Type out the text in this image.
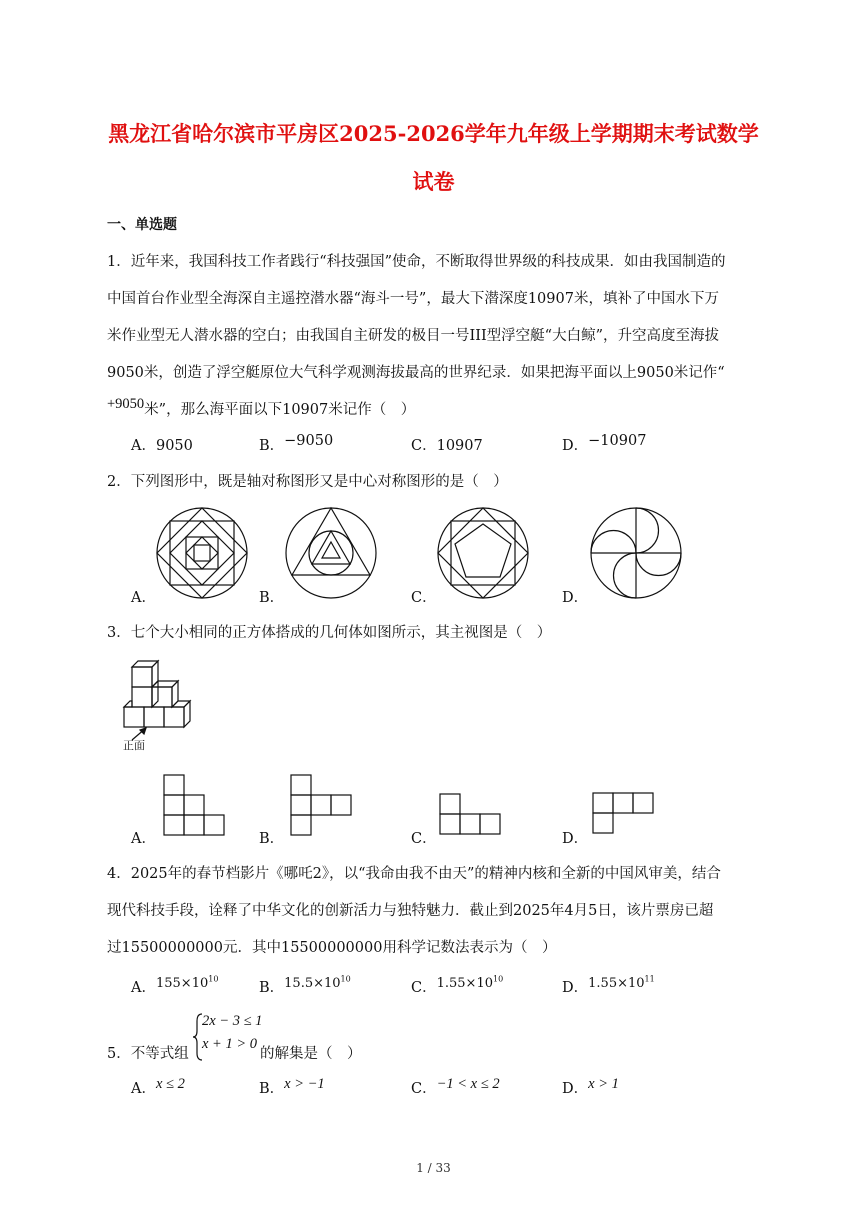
黑龙江省哈尔滨市平房区2025-2026学年九年级上学期期末考试数学
试卷
一、单选题
1．近年来，我国科技工作者践行“科技强国”使命，不断取得世界级的科技成果．如由我国制造的
中国首台作业型全海深自主遥控潜水器“海斗一号”，最大下潜深度10907米，填补了中国水下万
米作业型无人潜水器的空白；由我国自主研发的极目一号III型浮空艇“大白鲸”，升空高度至海拔
9050米，创造了浮空艇原位大气科学观测海拔最高的世界纪录．如果把海平面以上9050米记作“
+9050米”，那么海平面以下10907米记作（　）
A．9050	B．−9050	C．10907	D．−10907
2．下列图形中，既是轴对称图形又是中心对称图形的是（　）
A．	B．	C．	D．
3．七个大小相同的正方体搭成的几何体如图所示，其主视图是（　）
正面
A．	B．	C．	D．
4．2025年的春节档影片《哪吒2》，以“我命由我不由天”的精神内核和全新的中国风审美，结合
现代科技手段，诠释了中华文化的创新活力与独特魅力．截止到2025年4月5日，该片票房已超
过15500000000元．其中15500000000用科学记数法表示为（　）
A．$155\times 10^{10}$
B．$15.5\times 10^{10}$
C．$1.55\times 10^{10}$
D．$1.55\times 10^{11}$
5．不等式组
2x − 3 ≤ 1
x + 1 > 0
的解集是（　）
A．x ≤ 2	B．x > −1	C．−1 < x ≤ 2	D．x > 1
1 / 33
